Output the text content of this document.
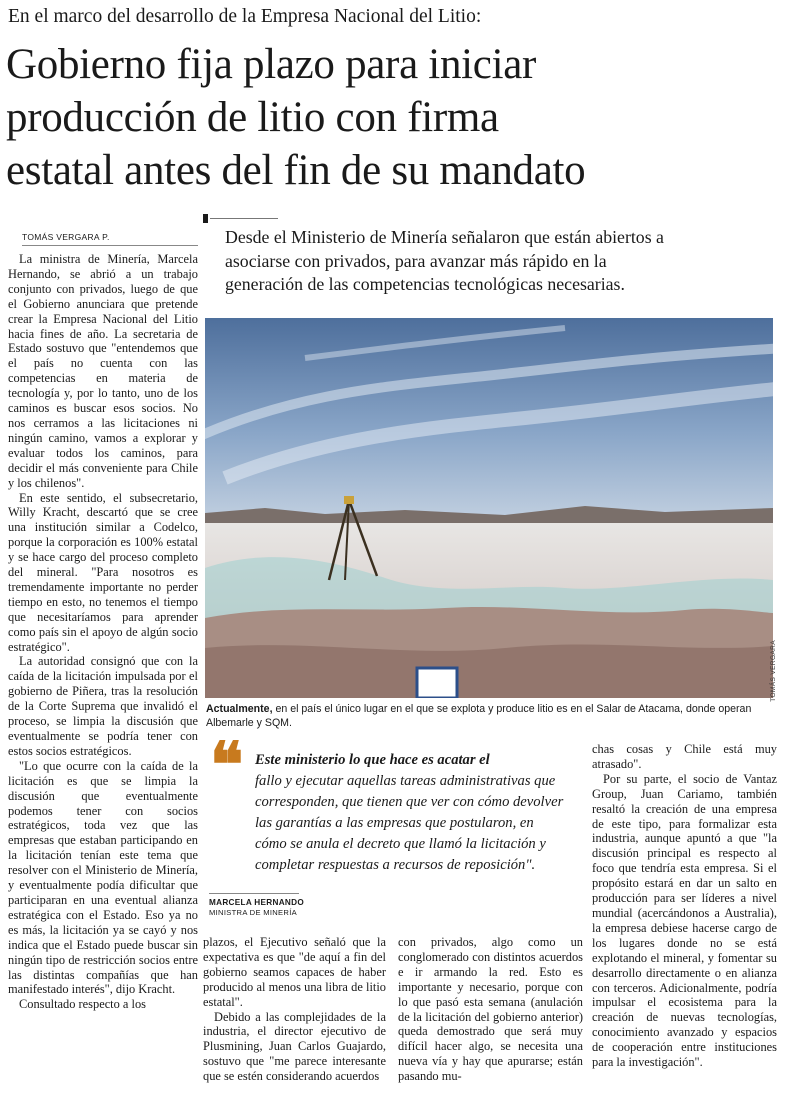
En el marco del desarrollo de la Empresa Nacional del Litio:
Gobierno fija plazo para iniciar
producción de litio con firma
estatal antes del fin de su mandato
TOMÁS VERGARA P.	Desde el Ministerio de Minería señalaron que están abiertos a
asociarse con privados, para avanzar más rápido en la
generación de las competencias tecnológicas necesarias.

La ministra de Minería, Marcela Hernando, se abrió a un trabajo conjunto con privados, luego de que el Gobierno anunciara que pretende crear la Empresa Nacional del Litio hacia fines de año. La secretaria de Estado sostuvo que "entendemos que el país no cuenta con las competencias en materia de tecnología y, por lo tanto, uno de los caminos es buscar esos socios. No nos cerramos a las licitaciones ni ningún camino, vamos a explorar y evaluar todos los caminos, para decidir el más conveniente para Chile y los chilenos".

En este sentido, el subsecretario, Willy Kracht, descartó que se cree una institución similar a Codelco, porque la corporación es 100% estatal y se hace cargo del proceso completo del mineral. "Para nosotros es tremendamente importante no perder tiempo en esto, no tenemos el tiempo que necesitaríamos para aprender como país sin el apoyo de algún socio estratégico".

La autoridad consignó que con la caída de la licitación impulsada por el gobierno de Piñera, tras la resolución de la Corte Suprema que invalidó el proceso, se limpia la discusión que eventualmente se podría tener con estos socios estratégicos.

"Lo que ocurre con la caída de la licitación es que se limpia la discusión que eventualmente podemos tener con socios estratégicos, toda vez que las empresas que estaban participando en la licitación tenían este tema que resolver con el Ministerio de Minería, y eventualmente podía dificultar que participaran en una eventual alianza estratégica con el Estado. Eso ya no es más, la licitación ya se cayó y nos indica que el Estado puede buscar sin ningún tipo de restricción socios entre las distintas compañías que han manifestado interés", dijo Kracht.

Consultado respecto a los

TOMÁS VERGARA
Actualmente, en el país el único lugar en el que se explota y produce litio es en el Salar de Atacama, donde operan
Albemarle y SQM.
❝	Este ministerio lo que hace es acatar el
fallo y ejecutar aquellas tareas administrativas que
corresponden, que tienen que ver con cómo devolver
las garantías a las empresas que postularon, en
cómo se anula el decreto que llamó la licitación y
completar respuestas a recursos de reposición".
MARCELA HERNANDO
MINISTRA DE MINERÍA

plazos, el Ejecutivo señaló que la expectativa es que "de aquí a fin del gobierno seamos capaces de haber producido al menos una libra de litio estatal".

Debido a las complejidades de la industria, el director ejecutivo de Plusmining, Juan Carlos Guajardo, sostuvo que "me parece interesante que se estén considerando acuerdos

con privados, algo como un conglomerado con distintos acuerdos e ir armando la red. Esto es importante y necesario, porque con lo que pasó esta semana (anulación de la licitación del gobierno anterior) queda demostrado que será muy difícil hacer algo, se necesita una nueva vía y hay que apurarse; están pasando mu-

chas cosas y Chile está muy atrasado".

Por su parte, el socio de Vantaz Group, Juan Cariamo, también resaltó la creación de una empresa de este tipo, para formalizar esta industria, aunque apuntó a que "la discusión principal es respecto al foco que tendría esta empresa. Si el propósito estará en dar un salto en producción para ser líderes a nivel mundial (acercándonos a Australia), la empresa debiese hacerse cargo de los lugares donde no se está explotando el mineral, y fomentar su desarrollo directamente o en alianza con terceros. Adicionalmente, podría impulsar el ecosistema para la creación de nuevas tecnologías, conocimiento avanzado y espacios de cooperación entre instituciones para la investigación".
